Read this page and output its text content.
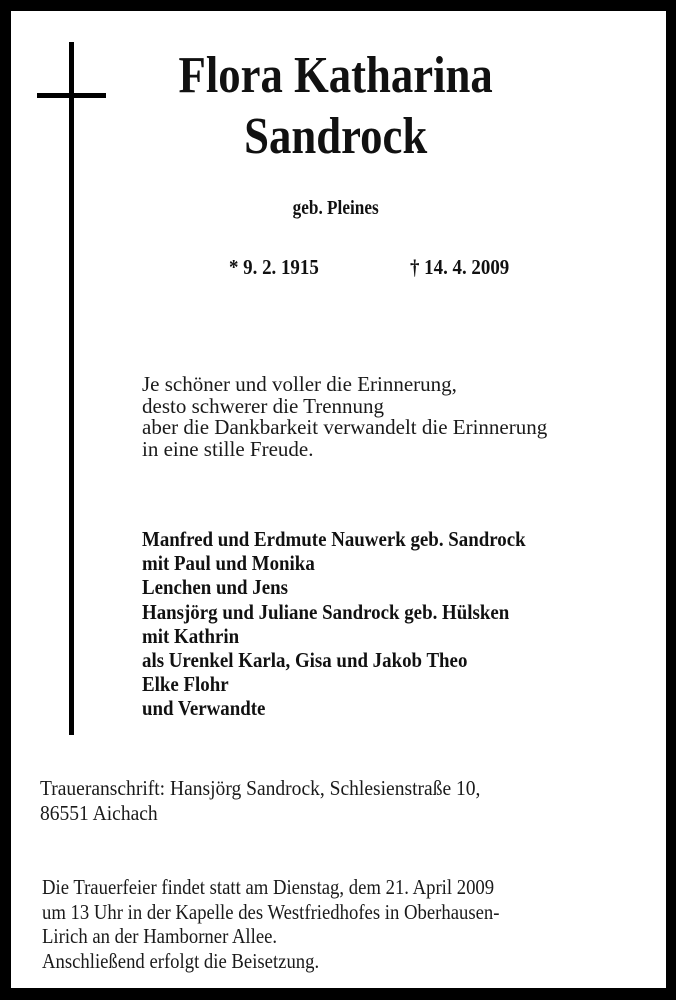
Flora Katharina
Sandrock
geb. Pleines
* 9. 2. 1915	† 14. 4. 2009
Je schöner und voller die Erinnerung,
desto schwerer die Trennung
aber die Dankbarkeit verwandelt die Erinnerung
in eine stille Freude.
Manfred und Erdmute Nauwerk geb. Sandrock
mit Paul und Monika
Lenchen und Jens
Hansjörg und Juliane Sandrock geb. Hülsken
mit Kathrin
als Urenkel Karla, Gisa und Jakob Theo
Elke Flohr
und Verwandte
Traueranschrift: Hansjörg Sandrock, Schlesienstraße 10,
86551 Aichach
Die Trauerfeier findet statt am Dienstag, dem 21. April 2009
um 13 Uhr in der Kapelle des Westfriedhofes in Oberhausen-
Lirich an der Hamborner Allee.
Anschließend erfolgt die Beisetzung.
